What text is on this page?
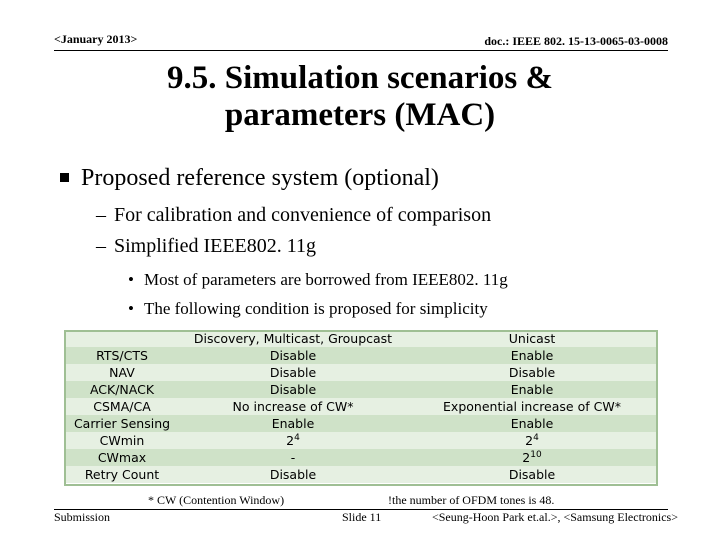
<January 2013>	doc.: IEEE 802. 15-13-0065-03-0008
9.5. Simulation scenarios &
parameters (MAC)
Proposed reference system (optional)
– For calibration and convenience of comparison
– Simplified IEEE802. 11g
• Most of parameters are borrowed from IEEE802. 11g
• The following condition is proposed for simplicity
	Discovery, Multicast, Groupcast	Unicast
RTS/CTS	Disable	Enable
NAV	Disable	Disable
ACK/NACK	Disable	Enable
CSMA/CA	No increase of CW*	Exponential increase of CW*
Carrier Sensing	Enable	Enable
CWmin	$2^4$	$2^4$
CWmax	-	$2^{10}$
Retry Count	Disable	Disable
* CW (Contention Window)	!the number of OFDM tones is 48.
Submission	Slide 11	<Seung-Hoon Park et.al.>, <Samsung Electronics>
